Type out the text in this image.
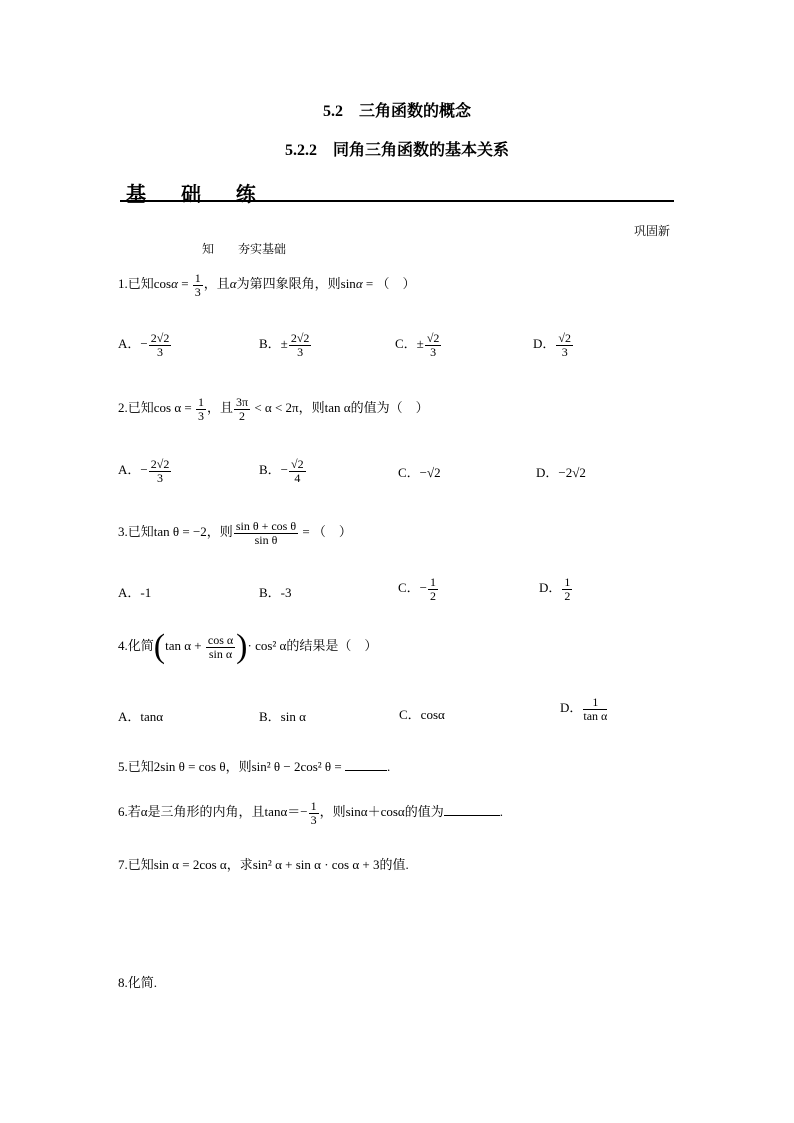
5.2　三角函数的概念
5.2.2　同角三角函数的基本关系
基 础 练
巩固新
知　　夯实基础
1.已知$\cos\alpha = \frac{1}{3}$ ，且α为第四象限角，则sinα = （　）
A．− $\frac{2√2}{3}$	B．± $\frac{2√2}{3}$	C．± $\frac{√2}{3}$	D． $\frac{√2}{3}$
2.已知$\cos \alpha = \frac{1}{3}$ ，且 $\frac{3\pi}{2} < \alpha < 2\pi$，则tan α的值为（　）
A．− $\frac{2√2}{3}$	B．− $\frac{√2}{4}$	C．−√2	D．−2√2
3.已知tan θ = −2，则 $\frac{\text{sin θ + cos θ}}{\text{sin θ}}$ = （　）
A．-1	B．-3	C．− $\frac{1}{2}$	D． $\frac{1}{2}$
4.化简(tan $\alpha + \frac{\text{cos α}}{\text{sin α}}$ )· cos² α的结果是（　）
A．tanα	B．sin α	C．cosα	D． $\frac{1}{\text{tan α}}$
5.已知2sin θ = cos θ，则sin² θ − 2cos² θ =	.
6.若α是三角形的内角，且$\tan\alpha=- \frac{1}{3}$ ，则sinα＋cosα的值为	.
7.已知sin α = 2cos α，求sin² α + sin α · cos α + 3的值.
8.化简.
